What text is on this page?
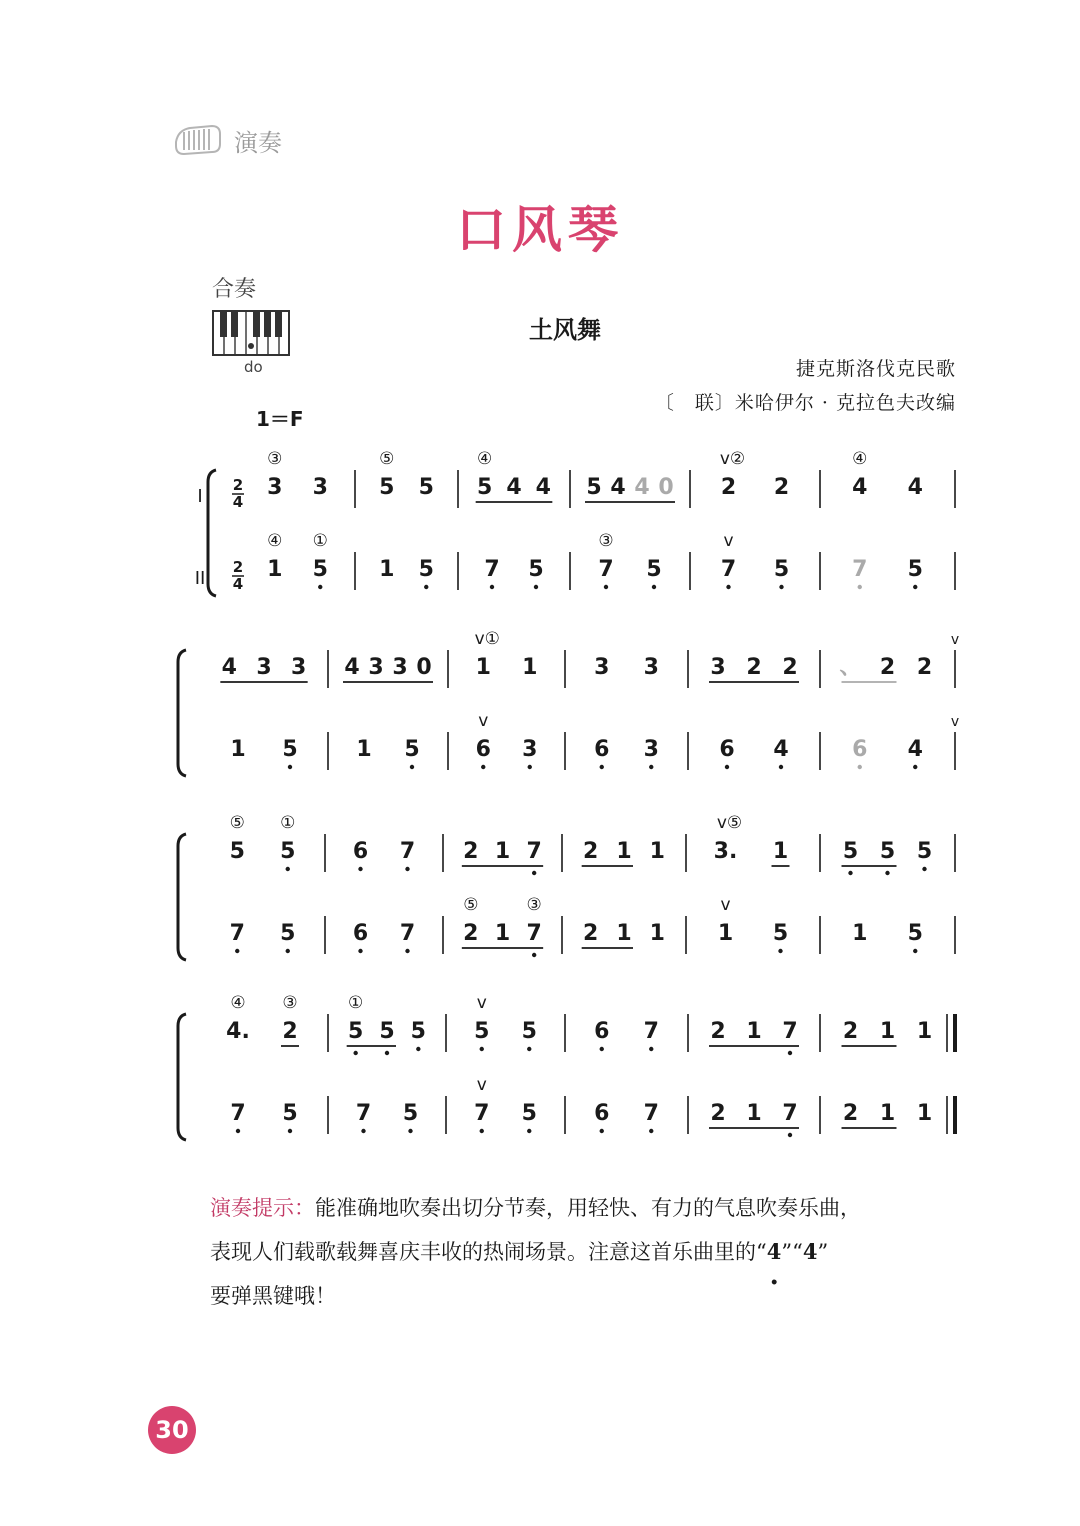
演奏
口风琴
合奏
do
土风舞
捷克斯洛伐克民歌
〔　联〕米哈伊尔 · 克拉色夫改编
1＝F
I
II
2
4
2
4
3
③
3
1
④
5
①
5
⑤
5
1 5
5
④
4 4
7 5
5 4 4 0
7
③
5
2
v②
2
7
v
5
4
④
4
7 5
v
v
4 3 3
1 5
4 3 3 0
1 5
1
v①
1
6
v
3
3 3
6 3
3 2 2
6 4
、 2 2
6 4
5
⑤
5
①
7 5
6 7
6 7
2 1 7
2
⑤
1 7
③
2 1 1
2 1 1
3.
v⑤
1
1
v
5
5 5 5
1 5
4.
④
2
③
7 5
5
①
5 5
7 5
5
v
5
7
v
5
6 7
6 7
2 1 7
2 1 7
2 1 1
2 1 1
演奏提示：能准确地吹奏出切分节奏，用轻快、有力的气息吹奏乐曲，
表现人们载歌载舞喜庆丰收的热闹场景。注意这首乐曲里的“4
•
”“4”
要弹黑键哦！
30
